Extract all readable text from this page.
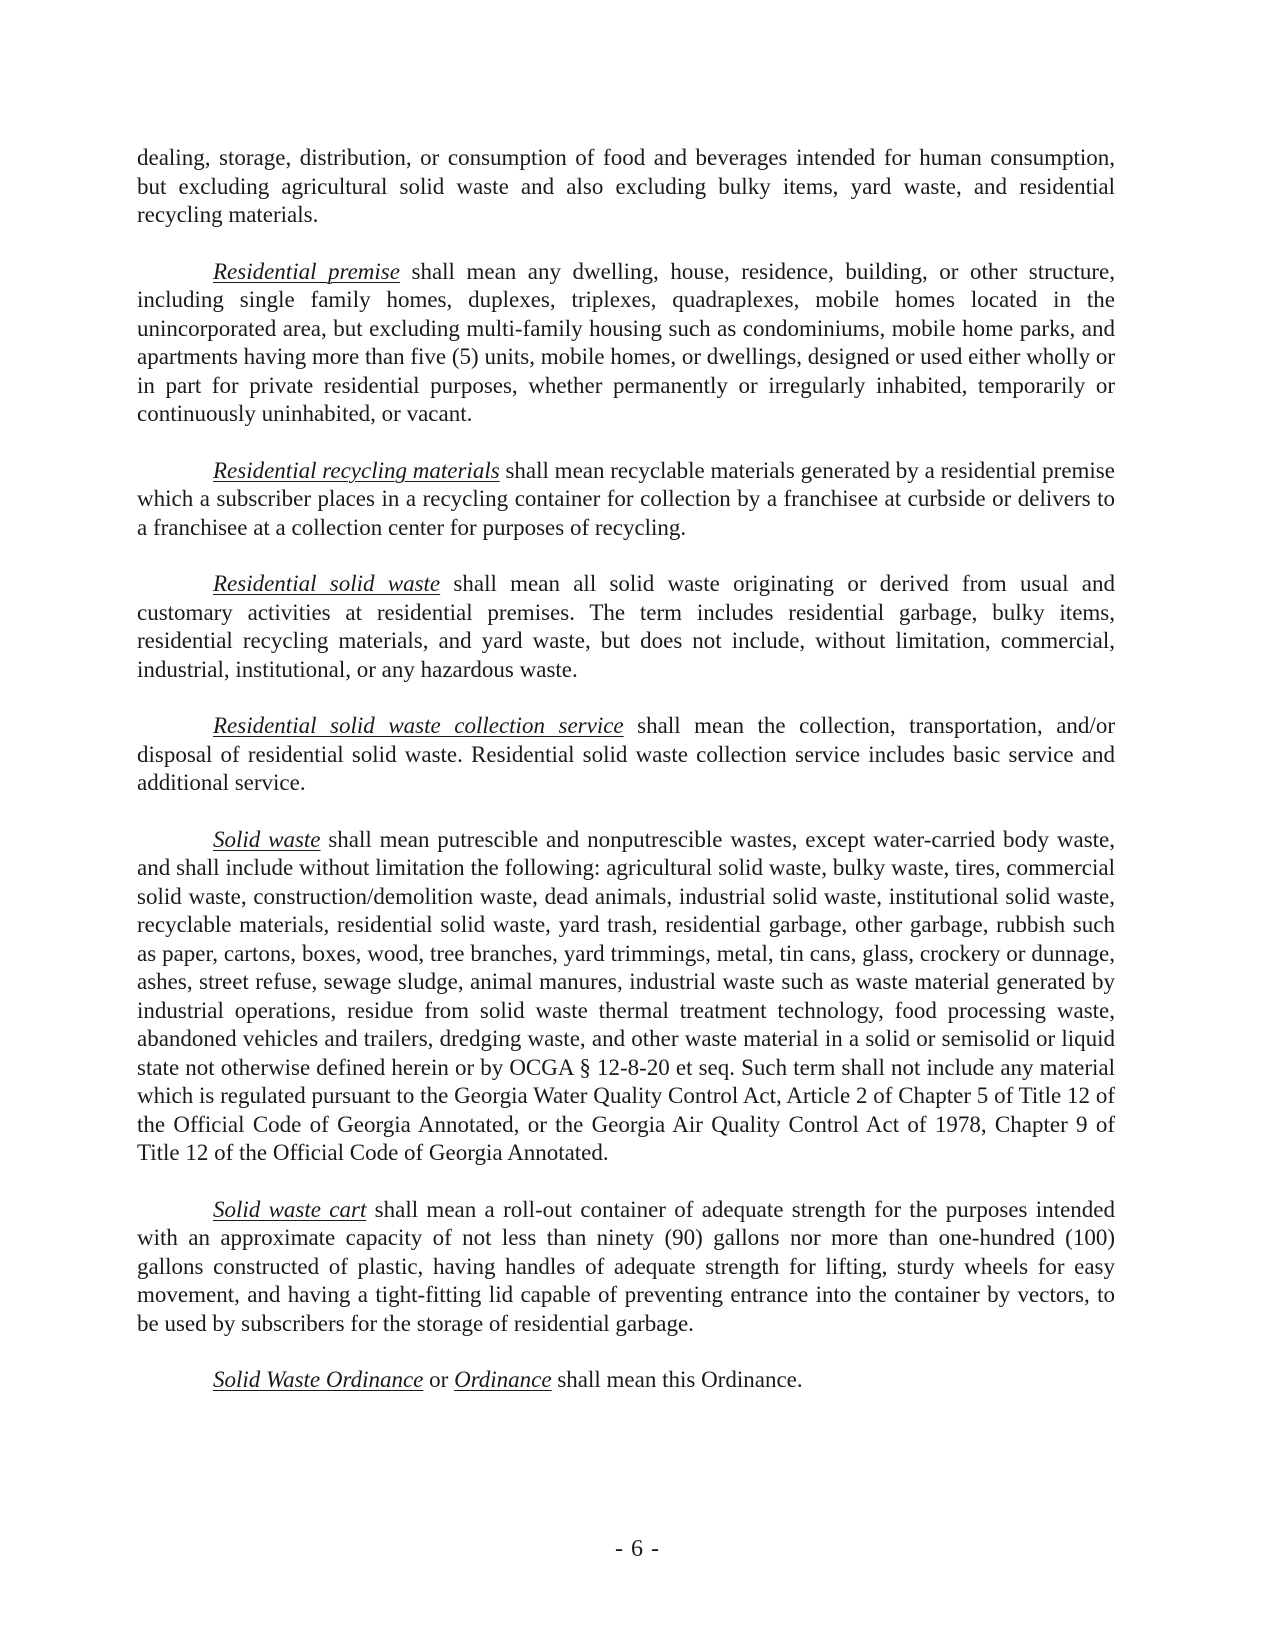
dealing, storage, distribution, or consumption of food and beverages intended for human consumption, but excluding agricultural solid waste and also excluding bulky items, yard waste, and residential recycling materials.

Residential premise shall mean any dwelling, house, residence, building, or other structure, including single family homes, duplexes, triplexes, quadraplexes, mobile homes located in the unincorporated area, but excluding multi-family housing such as condominiums, mobile home parks, and apartments having more than five (5) units, mobile homes, or dwellings, designed or used either wholly or in part for private residential purposes, whether permanently or irregularly inhabited, temporarily or continuously uninhabited, or vacant.

Residential recycling materials shall mean recyclable materials generated by a residential premise which a subscriber places in a recycling container for collection by a franchisee at curbside or delivers to a franchisee at a collection center for purposes of recycling.

Residential solid waste shall mean all solid waste originating or derived from usual and customary activities at residential premises. The term includes residential garbage, bulky items, residential recycling materials, and yard waste, but does not include, without limitation, commercial, industrial, institutional, or any hazardous waste.

Residential solid waste collection service shall mean the collection, transportation, and/or disposal of residential solid waste. Residential solid waste collection service includes basic service and additional service.

Solid waste shall mean putrescible and nonputrescible wastes, except water-carried body waste, and shall include without limitation the following: agricultural solid waste, bulky waste, tires, commercial solid waste, construction/demolition waste, dead animals, industrial solid waste, institutional solid waste, recyclable materials, residential solid waste, yard trash, residential garbage, other garbage, rubbish such as paper, cartons, boxes, wood, tree branches, yard trimmings, metal, tin cans, glass, crockery or dunnage, ashes, street refuse, sewage sludge, animal manures, industrial waste such as waste material generated by industrial operations, residue from solid waste thermal treatment technology, food processing waste, abandoned vehicles and trailers, dredging waste, and other waste material in a solid or semisolid or liquid state not otherwise defined herein or by OCGA § 12-8-20 et seq. Such term shall not include any material which is regulated pursuant to the Georgia Water Quality Control Act, Article 2 of Chapter 5 of Title 12 of the Official Code of Georgia Annotated, or the Georgia Air Quality Control Act of 1978, Chapter 9 of Title 12 of the Official Code of Georgia Annotated.

Solid waste cart shall mean a roll-out container of adequate strength for the purposes intended with an approximate capacity of not less than ninety (90) gallons nor more than one-hundred (100) gallons constructed of plastic, having handles of adequate strength for lifting, sturdy wheels for easy movement, and having a tight-fitting lid capable of preventing entrance into the container by vectors, to be used by subscribers for the storage of residential garbage.

Solid Waste Ordinance or Ordinance shall mean this Ordinance.

- 6 -
